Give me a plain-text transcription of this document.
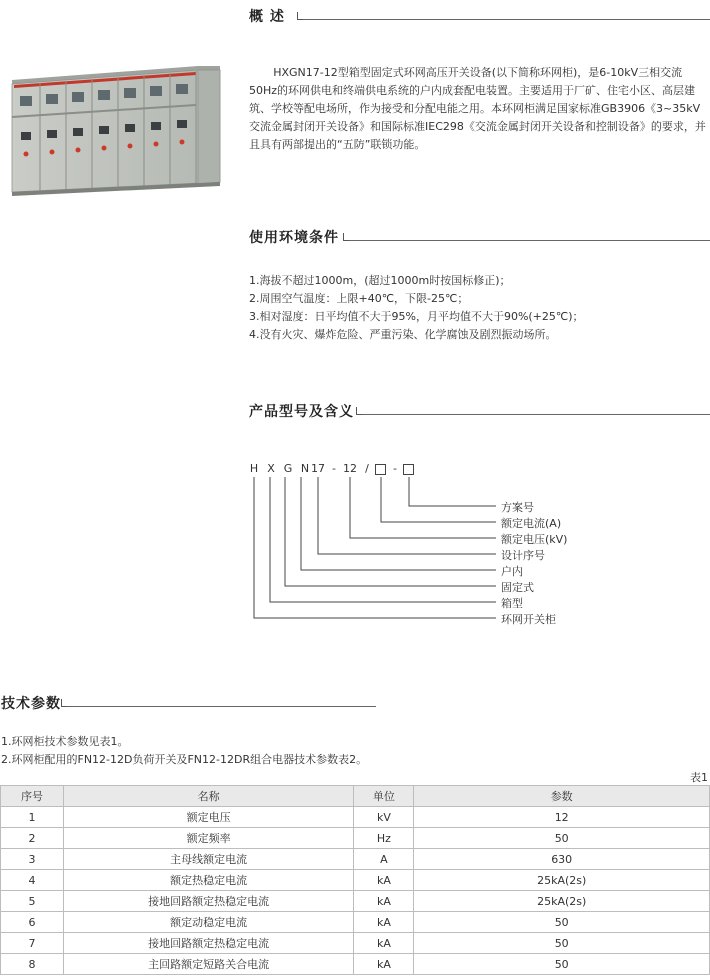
概 述

HXGN17-12型箱型固定式环网高压开关设备(以下简称环网柜)，是6-10kV三相交流50Hz的环网供电和终端供电系统的户内成套配电装置。主要适用于厂矿、住宅小区、高层建筑、学校等配电场所，作为接受和分配电能之用。本环网柜满足国家标准GB3906《3~35kV交流金属封闭开关设备》和国际标准IEC298《交流金属封闭开关设备和控制设备》的要求，并且具有两部提出的“五防”联锁功能。

使用环境条件

1.海拔不超过1000m，(超过1000m时按国标修正)；

2.周围空气温度：上限+40℃，下限-25℃；

3.相对湿度：日平均值不大于95%，月平均值不大于90%(+25℃)；

4.没有火灾、爆炸危险、严重污染、化学腐蚀及剧烈振动场所。

产品型号及含义
H X G N 17 - 12 /	-
方案号
额定电流(A)
额定电压(kV)
设计序号
户内
固定式
箱型
环网开关柜
技术参数

1.环网柜技术参数见表1。

2.环网柜配用的FN12-12D负荷开关及FN12-12DR组合电器技术参数表2。

表1
序号	名称	单位	参数
1	额定电压	kV	12
2	额定频率	Hz	50
3	主母线额定电流	A	630
4	额定热稳定电流	kA	25kA(2s)
5	接地回路额定热稳定电流	kA	25kA(2s)
6	额定动稳定电流	kA	50
7	接地回路额定热稳定电流	kA	50
8	主回路额定短路关合电流	kA	50
